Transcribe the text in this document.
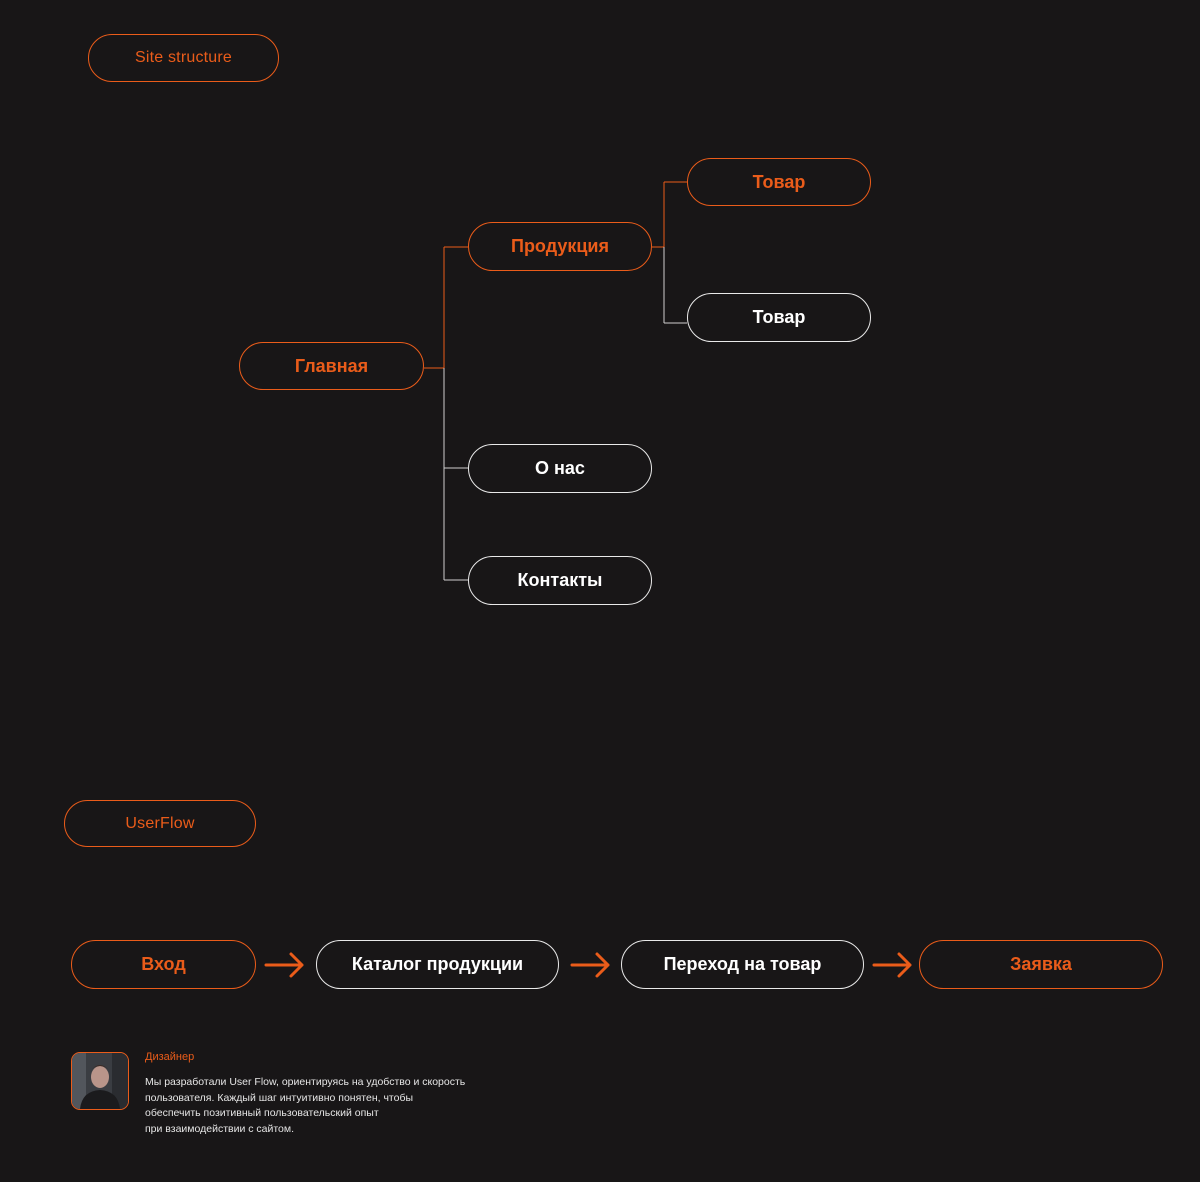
Site structure
UserFlow
Главная
Продукция
Товар
Товар
О нас
Контакты
Вход	Каталог продукции	Переход на товар	Заявка
Дизайнер
Мы разработали User Flow, ориентируясь на удобство и скорость
пользователя. Каждый шаг интуитивно понятен, чтобы
обеспечить позитивный пользовательский опыт
при взаимодействии с сайтом.
